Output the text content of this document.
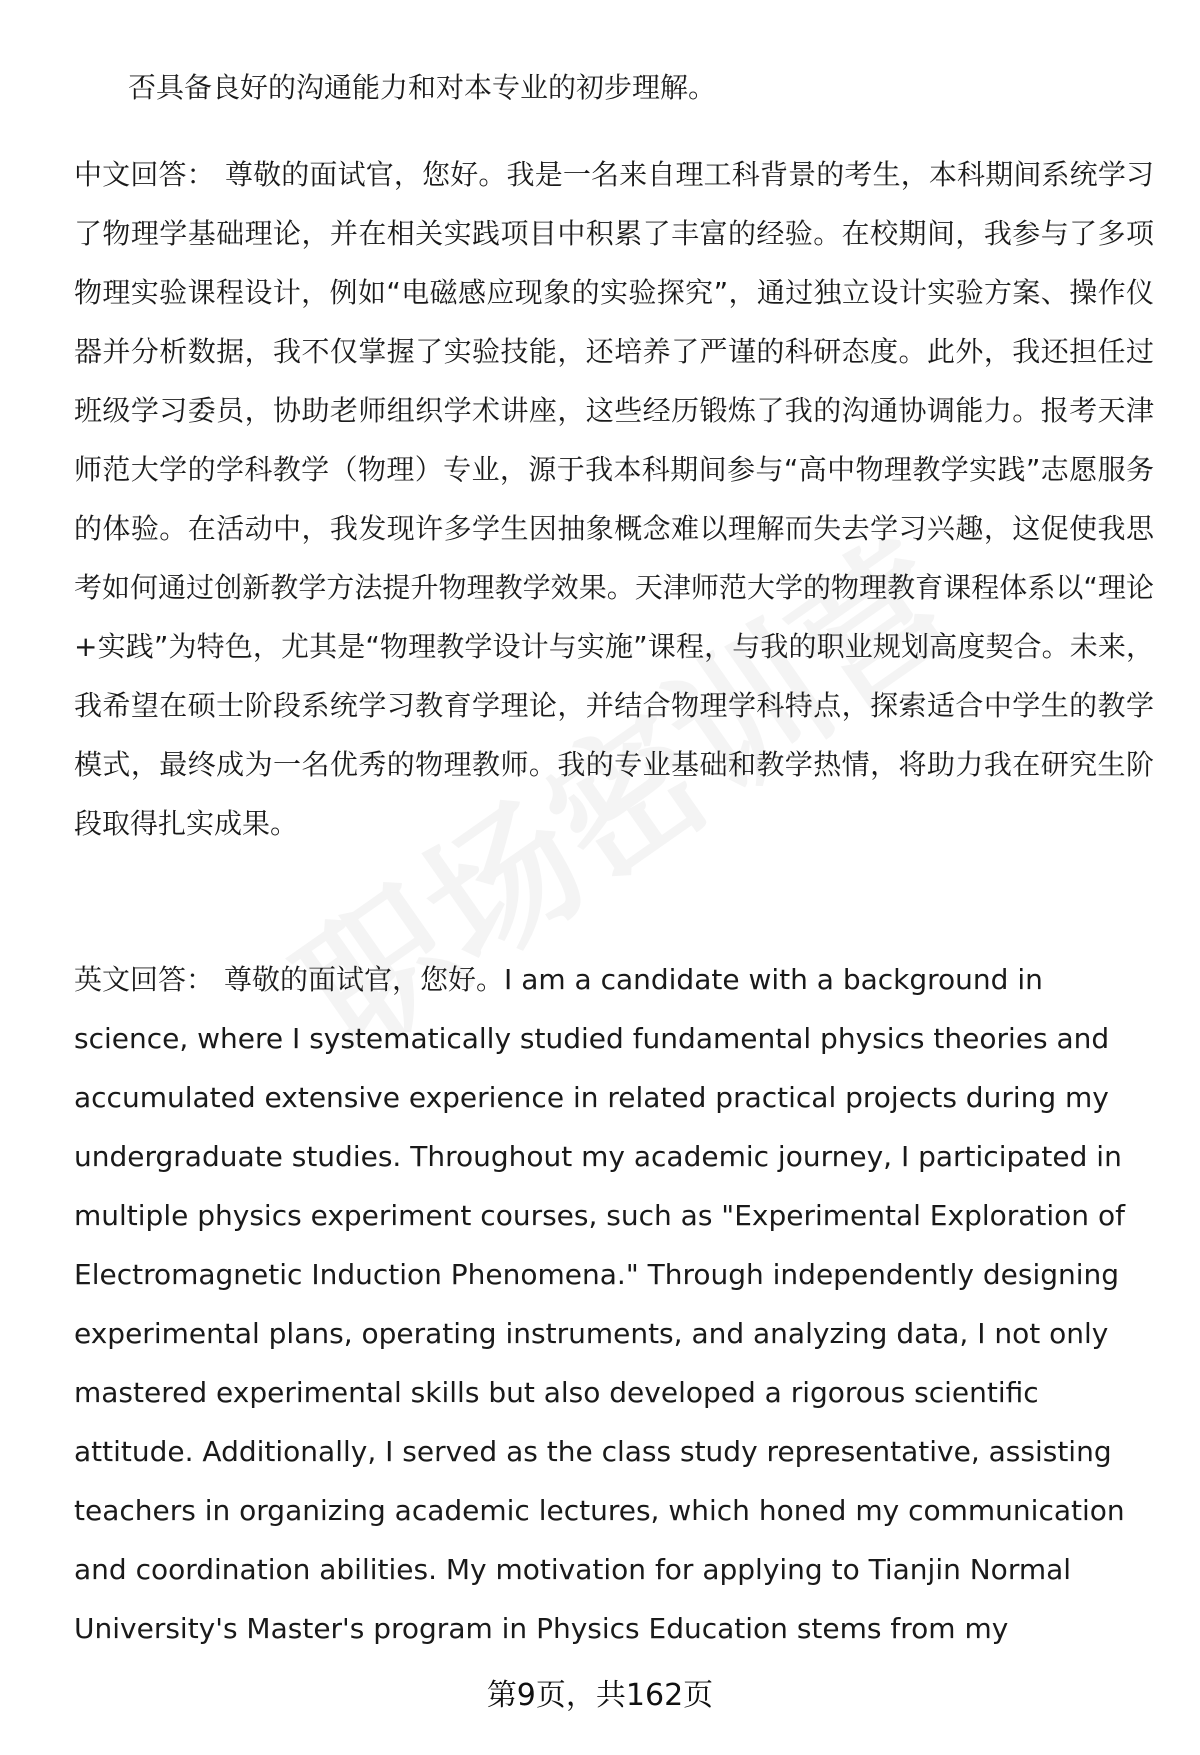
否具备良好的沟通能力和对本专业的初步理解。

中文回答： 尊敬的面试官，您好。我是一名来自理工科背景的考生，本科期间系统学习了物理学基础理论，并在相关实践项目中积累了丰富的经验。在校期间，我参与了多项物理实验课程设计，例如“电磁感应现象的实验探究”，通过独立设计实验方案、操作仪器并分析数据，我不仅掌握了实验技能，还培养了严谨的科研态度。此外，我还担任过班级学习委员，协助老师组织学术讲座，这些经历锻炼了我的沟通协调能力。报考天津师范大学的学科教学（物理）专业，源于我本科期间参与“高中物理教学实践”志愿服务的体验。在活动中，我发现许多学生因抽象概念难以理解而失去学习兴趣，这促使我思考如何通过创新教学方法提升物理教学效果。天津师范大学的物理教育课程体系以“理论+实践”为特色，尤其是“物理教学设计与实施”课程，与我的职业规划高度契合。未来，我希望在硕士阶段系统学习教育学理论，并结合物理学科特点，探索适合中学生的教学模式，最终成为一名优秀的物理教师。我的专业基础和教学热情，将助力我在研究生阶段取得扎实成果。

英文回答： 尊敬的面试官，您好。I am a candidate with a background in science, where I systematically studied fundamental physics theories and accumulated extensive experience in related practical projects during my undergraduate studies. Throughout my academic journey, I participated in multiple physics experiment courses, such as "Experimental Exploration of Electromagnetic Induction Phenomena." Through independently designing experimental plans, operating instruments, and analyzing data, I not only mastered experimental skills but also developed a rigorous scientific attitude. Additionally, I served as the class study representative, assisting teachers in organizing academic lectures, which honed my communication and coordination abilities. My motivation for applying to Tianjin Normal University's Master's program in Physics Education stems from my

第9页，共162页
